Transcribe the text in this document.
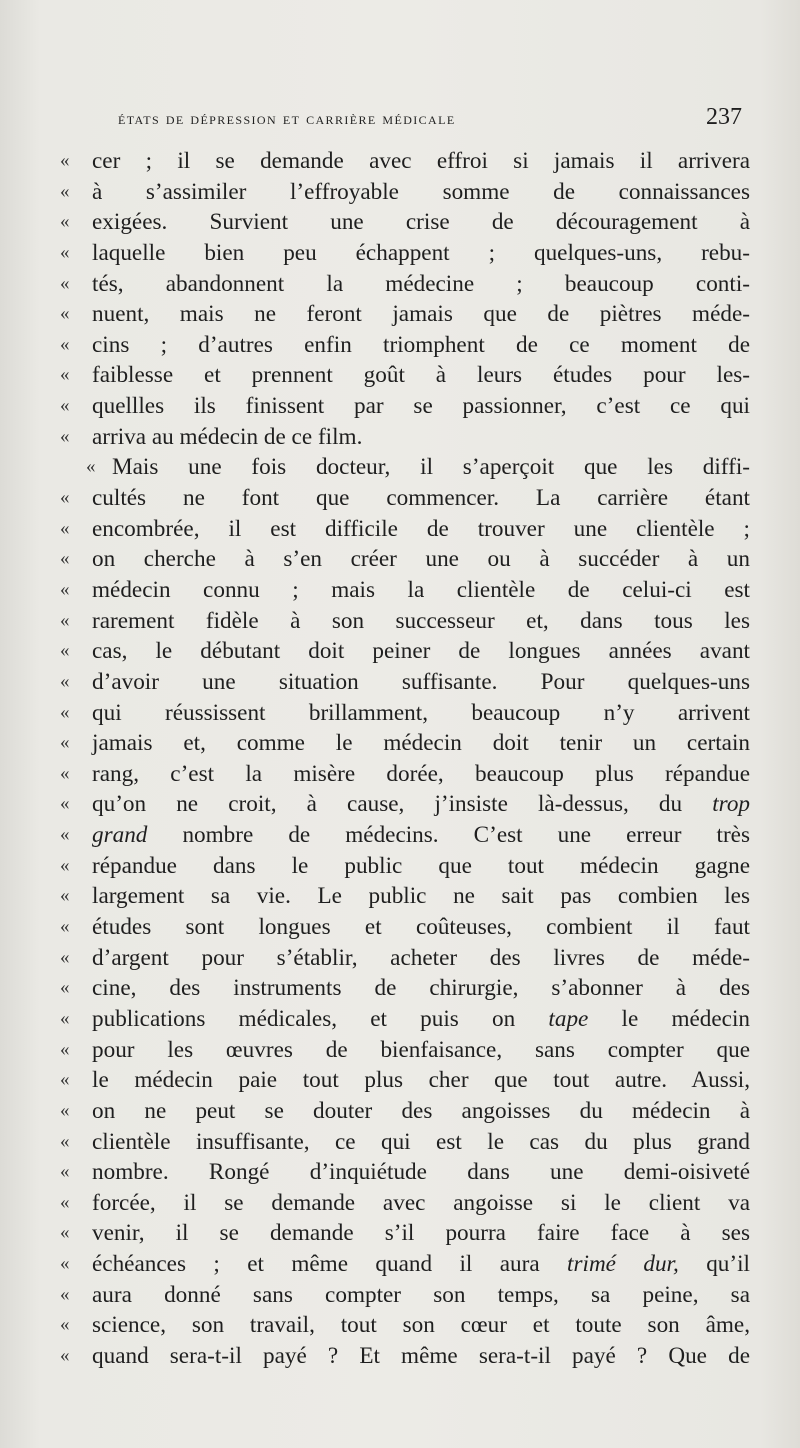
états de dépression et carrière médicale	237
« cer ; il se demande avec effroi si jamais il arrivera
« à s’assimiler l’effroyable somme de connaissances
« exigées. Survient une crise de découragement à
« laquelle bien peu échappent ; quelques-uns, rebu-
« tés, abandonnent la médecine ; beaucoup conti-
« nuent, mais ne feront jamais que de piètres méde-
« cins ; d’autres enfin triomphent de ce moment de
« faiblesse et prennent goût à leurs études pour les-
« quellles ils finissent par se passionner, c’est ce qui
« arriva au médecin de ce film.
« Mais une fois docteur, il s’aperçoit que les diffi-
« cultés ne font que commencer. La carrière étant
« encombrée, il est difficile de trouver une clientèle ;
« on cherche à s’en créer une ou à succéder à un
« médecin connu ; mais la clientèle de celui-ci est
« rarement fidèle à son successeur et, dans tous les
« cas, le débutant doit peiner de longues années avant
« d’avoir une situation suffisante. Pour quelques-uns
« qui réussissent brillamment, beaucoup n’y arrivent
« jamais et, comme le médecin doit tenir un certain
« rang, c’est la misère dorée, beaucoup plus répandue
« qu’on ne croit, à cause, j’insiste là-dessus, du trop
« grand nombre de médecins. C’est une erreur très
« répandue dans le public que tout médecin gagne
« largement sa vie. Le public ne sait pas combien les
« études sont longues et coûteuses, combient il faut
« d’argent pour s’établir, acheter des livres de méde-
« cine, des instruments de chirurgie, s’abonner à des
« publications médicales, et puis on tape le médecin
« pour les œuvres de bienfaisance, sans compter que
« le médecin paie tout plus cher que tout autre. Aussi,
« on ne peut se douter des angoisses du médecin à
« clientèle insuffisante, ce qui est le cas du plus grand
« nombre. Rongé d’inquiétude dans une demi-oisiveté
« forcée, il se demande avec angoisse si le client va
« venir, il se demande s’il pourra faire face à ses
« échéances ; et même quand il aura trimé dur, qu’il
« aura donné sans compter son temps, sa peine, sa
« science, son travail, tout son cœur et toute son âme,
« quand sera-t-il payé ? Et même sera-t-il payé ? Que de
